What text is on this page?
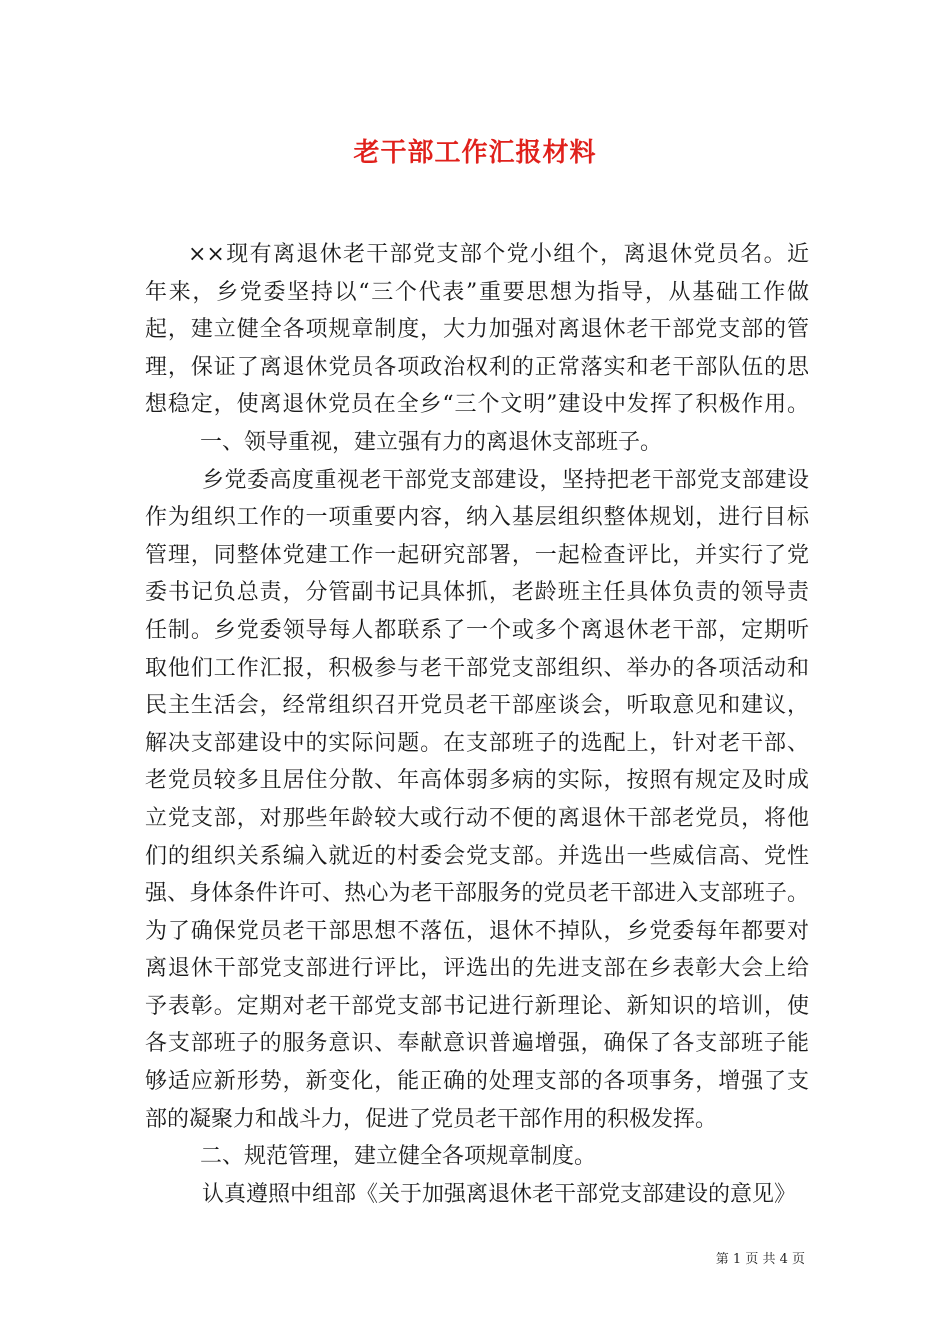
老干部工作汇报材料
××现有离退休老干部党支部个党小组个，离退休党员名。近
年来，乡党委坚持以“三个代表”重要思想为指导，从基础工作做
起，建立健全各项规章制度，大力加强对离退休老干部党支部的管
理，保证了离退休党员各项政治权利的正常落实和老干部队伍的思
想稳定，使离退休党员在全乡“三个文明”建设中发挥了积极作用。
一、领导重视，建立强有力的离退休支部班子。
乡党委高度重视老干部党支部建设，坚持把老干部党支部建设
作为组织工作的一项重要内容，纳入基层组织整体规划，进行目标
管理，同整体党建工作一起研究部署，一起检查评比，并实行了党
委书记负总责，分管副书记具体抓，老龄班主任具体负责的领导责
任制。乡党委领导每人都联系了一个或多个离退休老干部，定期听
取他们工作汇报，积极参与老干部党支部组织、举办的各项活动和
民主生活会，经常组织召开党员老干部座谈会，听取意见和建议，
解决支部建设中的实际问题。在支部班子的选配上，针对老干部、
老党员较多且居住分散、年高体弱多病的实际，按照有规定及时成
立党支部，对那些年龄较大或行动不便的离退休干部老党员，将他
们的组织关系编入就近的村委会党支部。并选出一些威信高、党性
强、身体条件许可、热心为老干部服务的党员老干部进入支部班子。
为了确保党员老干部思想不落伍，退休不掉队，乡党委每年都要对
离退休干部党支部进行评比，评选出的先进支部在乡表彰大会上给
予表彰。定期对老干部党支部书记进行新理论、新知识的培训，使
各支部班子的服务意识、奉献意识普遍增强，确保了各支部班子能
够适应新形势，新变化，能正确的处理支部的各项事务，增强了支
部的凝聚力和战斗力，促进了党员老干部作用的积极发挥。
二、规范管理，建立健全各项规章制度。
认真遵照中组部《关于加强离退休老干部党支部建设的意见》
第 1 页 共 4 页
